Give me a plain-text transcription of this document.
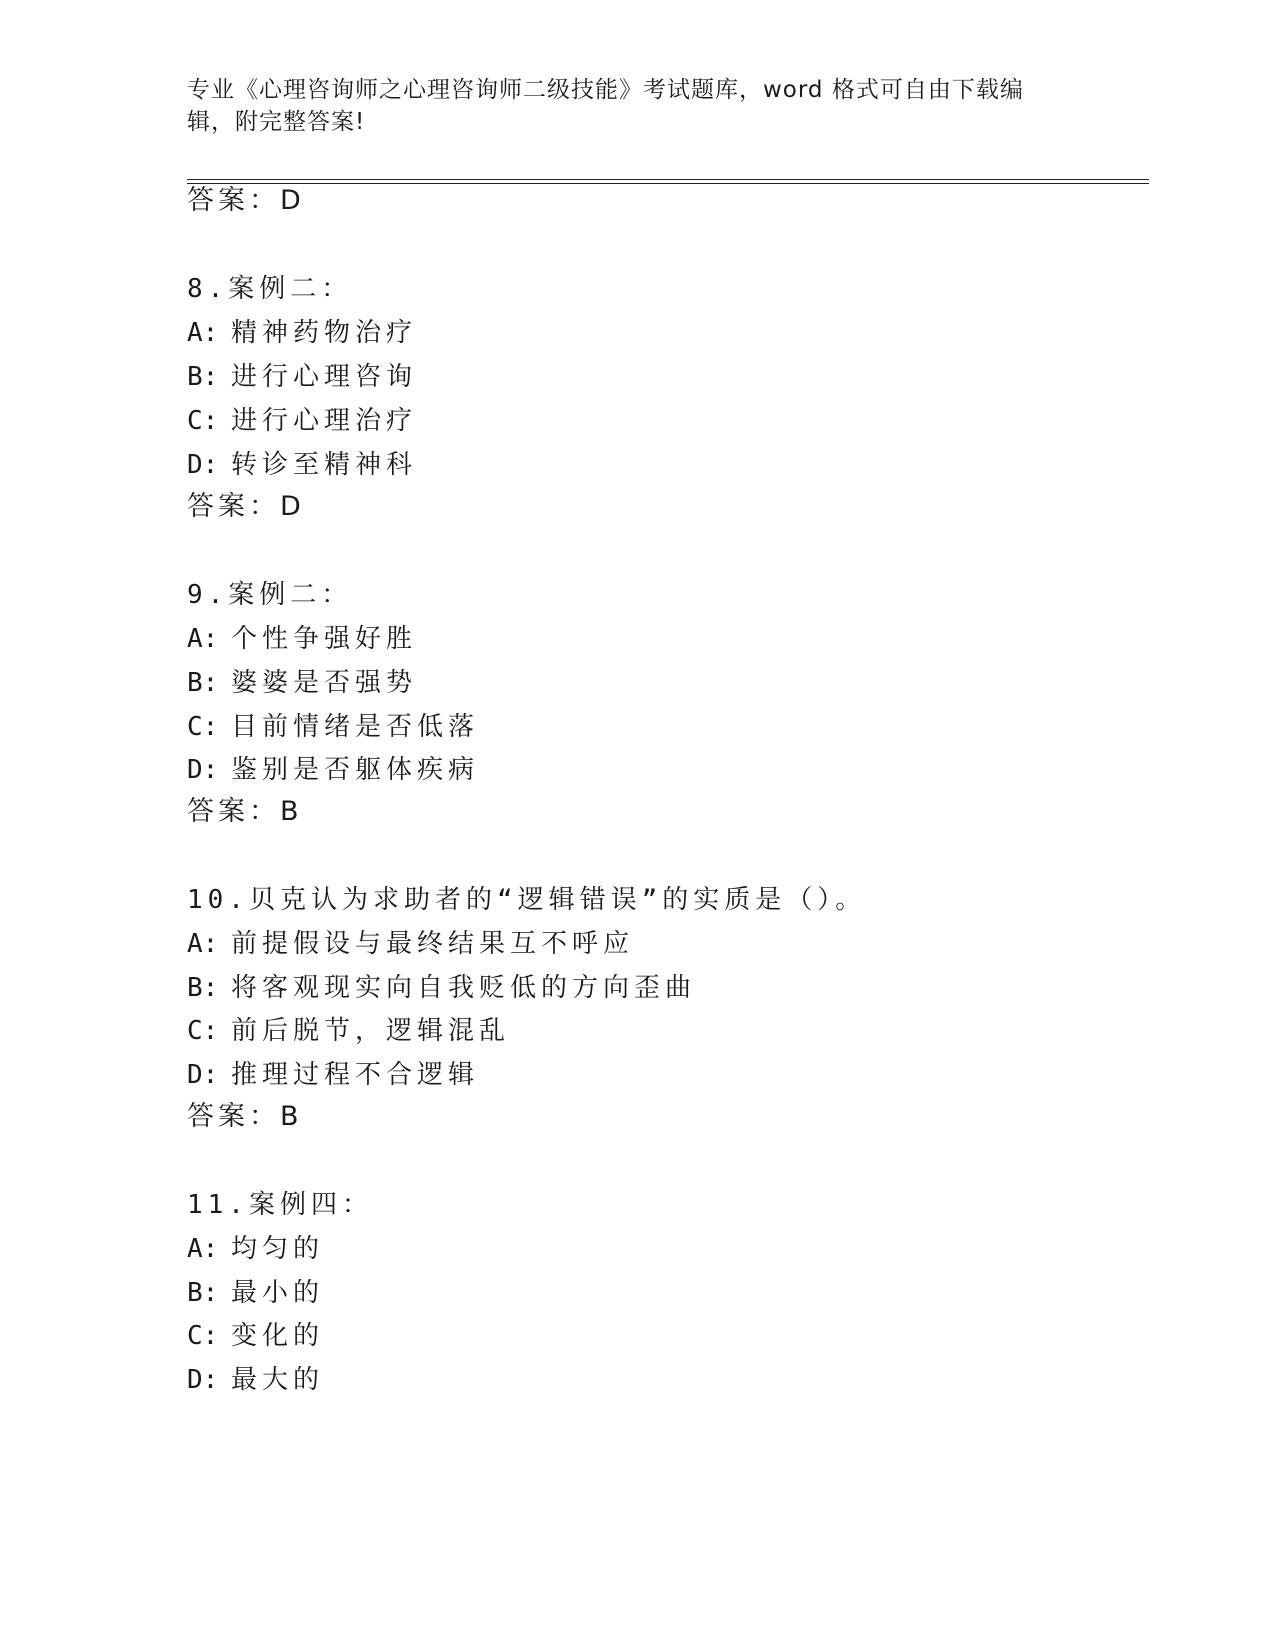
专业《心理咨询师之心理咨询师二级技能》考试题库，word 格式可自由下载编辑，附完整答案!
答案：D
8.案例二：
A: 精神药物治疗
B: 进行心理咨询
C: 进行心理治疗
D: 转诊至精神科
答案：D
9.案例二：
A: 个性争强好胜
B: 婆婆是否强势
C: 目前情绪是否低落
D: 鉴别是否躯体疾病
答案：B
10.贝克认为求助者的“逻辑错误”的实质是（）。
A: 前提假设与最终结果互不呼应
B: 将客观现实向自我贬低的方向歪曲
C: 前后脱节，逻辑混乱
D: 推理过程不合逻辑
答案：B
11.案例四：
A: 均匀的
B: 最小的
C: 变化的
D: 最大的
